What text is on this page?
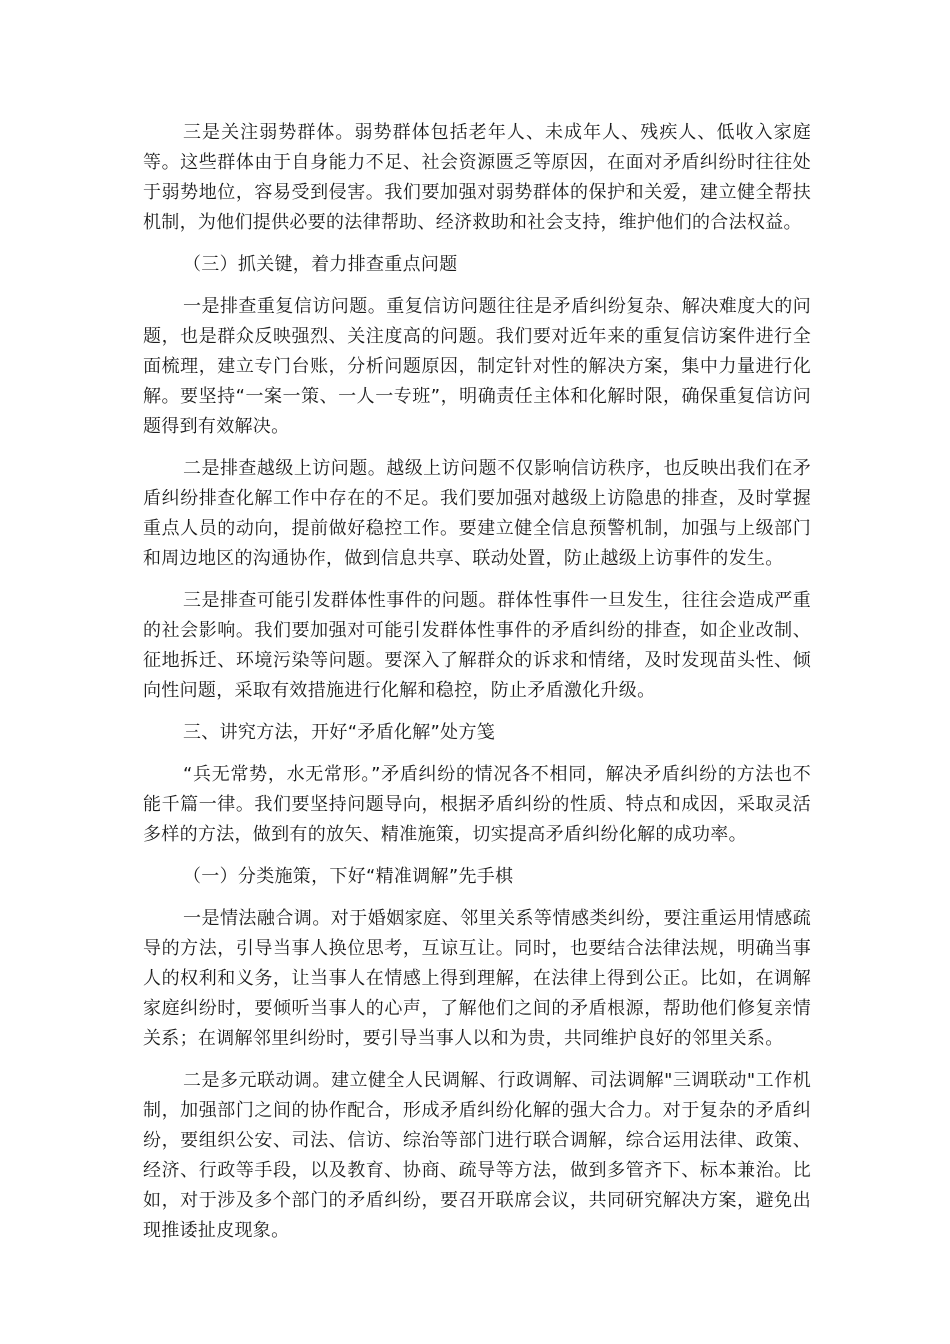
三是关注弱势群体。弱势群体包括老年人、未成年人、残疾人、低收入家庭等。这些群体由于自身能力不足、社会资源匮乏等原因，在面对矛盾纠纷时往往处于弱势地位，容易受到侵害。我们要加强对弱势群体的保护和关爱，建立健全帮扶机制，为他们提供必要的法律帮助、经济救助和社会支持，维护他们的合法权益。

（三）抓关键，着力排查重点问题

一是排查重复信访问题。重复信访问题往往是矛盾纠纷复杂、解决难度大的问题，也是群众反映强烈、关注度高的问题。我们要对近年来的重复信访案件进行全面梳理，建立专门台账，分析问题原因，制定针对性的解决方案，集中力量进行化解。要坚持“一案一策、一人一专班”，明确责任主体和化解时限，确保重复信访问题得到有效解决。

二是排查越级上访问题。越级上访问题不仅影响信访秩序，也反映出我们在矛盾纠纷排查化解工作中存在的不足。我们要加强对越级上访隐患的排查，及时掌握重点人员的动向，提前做好稳控工作。要建立健全信息预警机制，加强与上级部门和周边地区的沟通协作，做到信息共享、联动处置，防止越级上访事件的发生。

三是排查可能引发群体性事件的问题。群体性事件一旦发生，往往会造成严重的社会影响。我们要加强对可能引发群体性事件的矛盾纠纷的排查，如企业改制、征地拆迁、环境污染等问题。要深入了解群众的诉求和情绪，及时发现苗头性、倾向性问题，采取有效措施进行化解和稳控，防止矛盾激化升级。

三、讲究方法，开好“矛盾化解”处方笺

“兵无常势，水无常形。”矛盾纠纷的情况各不相同，解决矛盾纠纷的方法也不能千篇一律。我们要坚持问题导向，根据矛盾纠纷的性质、特点和成因，采取灵活多样的方法，做到有的放矢、精准施策，切实提高矛盾纠纷化解的成功率。

（一）分类施策，下好“精准调解”先手棋

一是情法融合调。对于婚姻家庭、邻里关系等情感类纠纷，要注重运用情感疏导的方法，引导当事人换位思考，互谅互让。同时，也要结合法律法规，明确当事人的权利和义务，让当事人在情感上得到理解，在法律上得到公正。比如，在调解家庭纠纷时，要倾听当事人的心声，了解他们之间的矛盾根源，帮助他们修复亲情关系；在调解邻里纠纷时，要引导当事人以和为贵，共同维护良好的邻里关系。

二是多元联动调。建立健全人民调解、行政调解、司法调解"三调联动"工作机制，加强部门之间的协作配合，形成矛盾纠纷化解的强大合力。对于复杂的矛盾纠纷，要组织公安、司法、信访、综治等部门进行联合调解，综合运用法律、政策、经济、行政等手段，以及教育、协商、疏导等方法，做到多管齐下、标本兼治。比如，对于涉及多个部门的矛盾纠纷，要召开联席会议，共同研究解决方案，避免出现推诿扯皮现象。
